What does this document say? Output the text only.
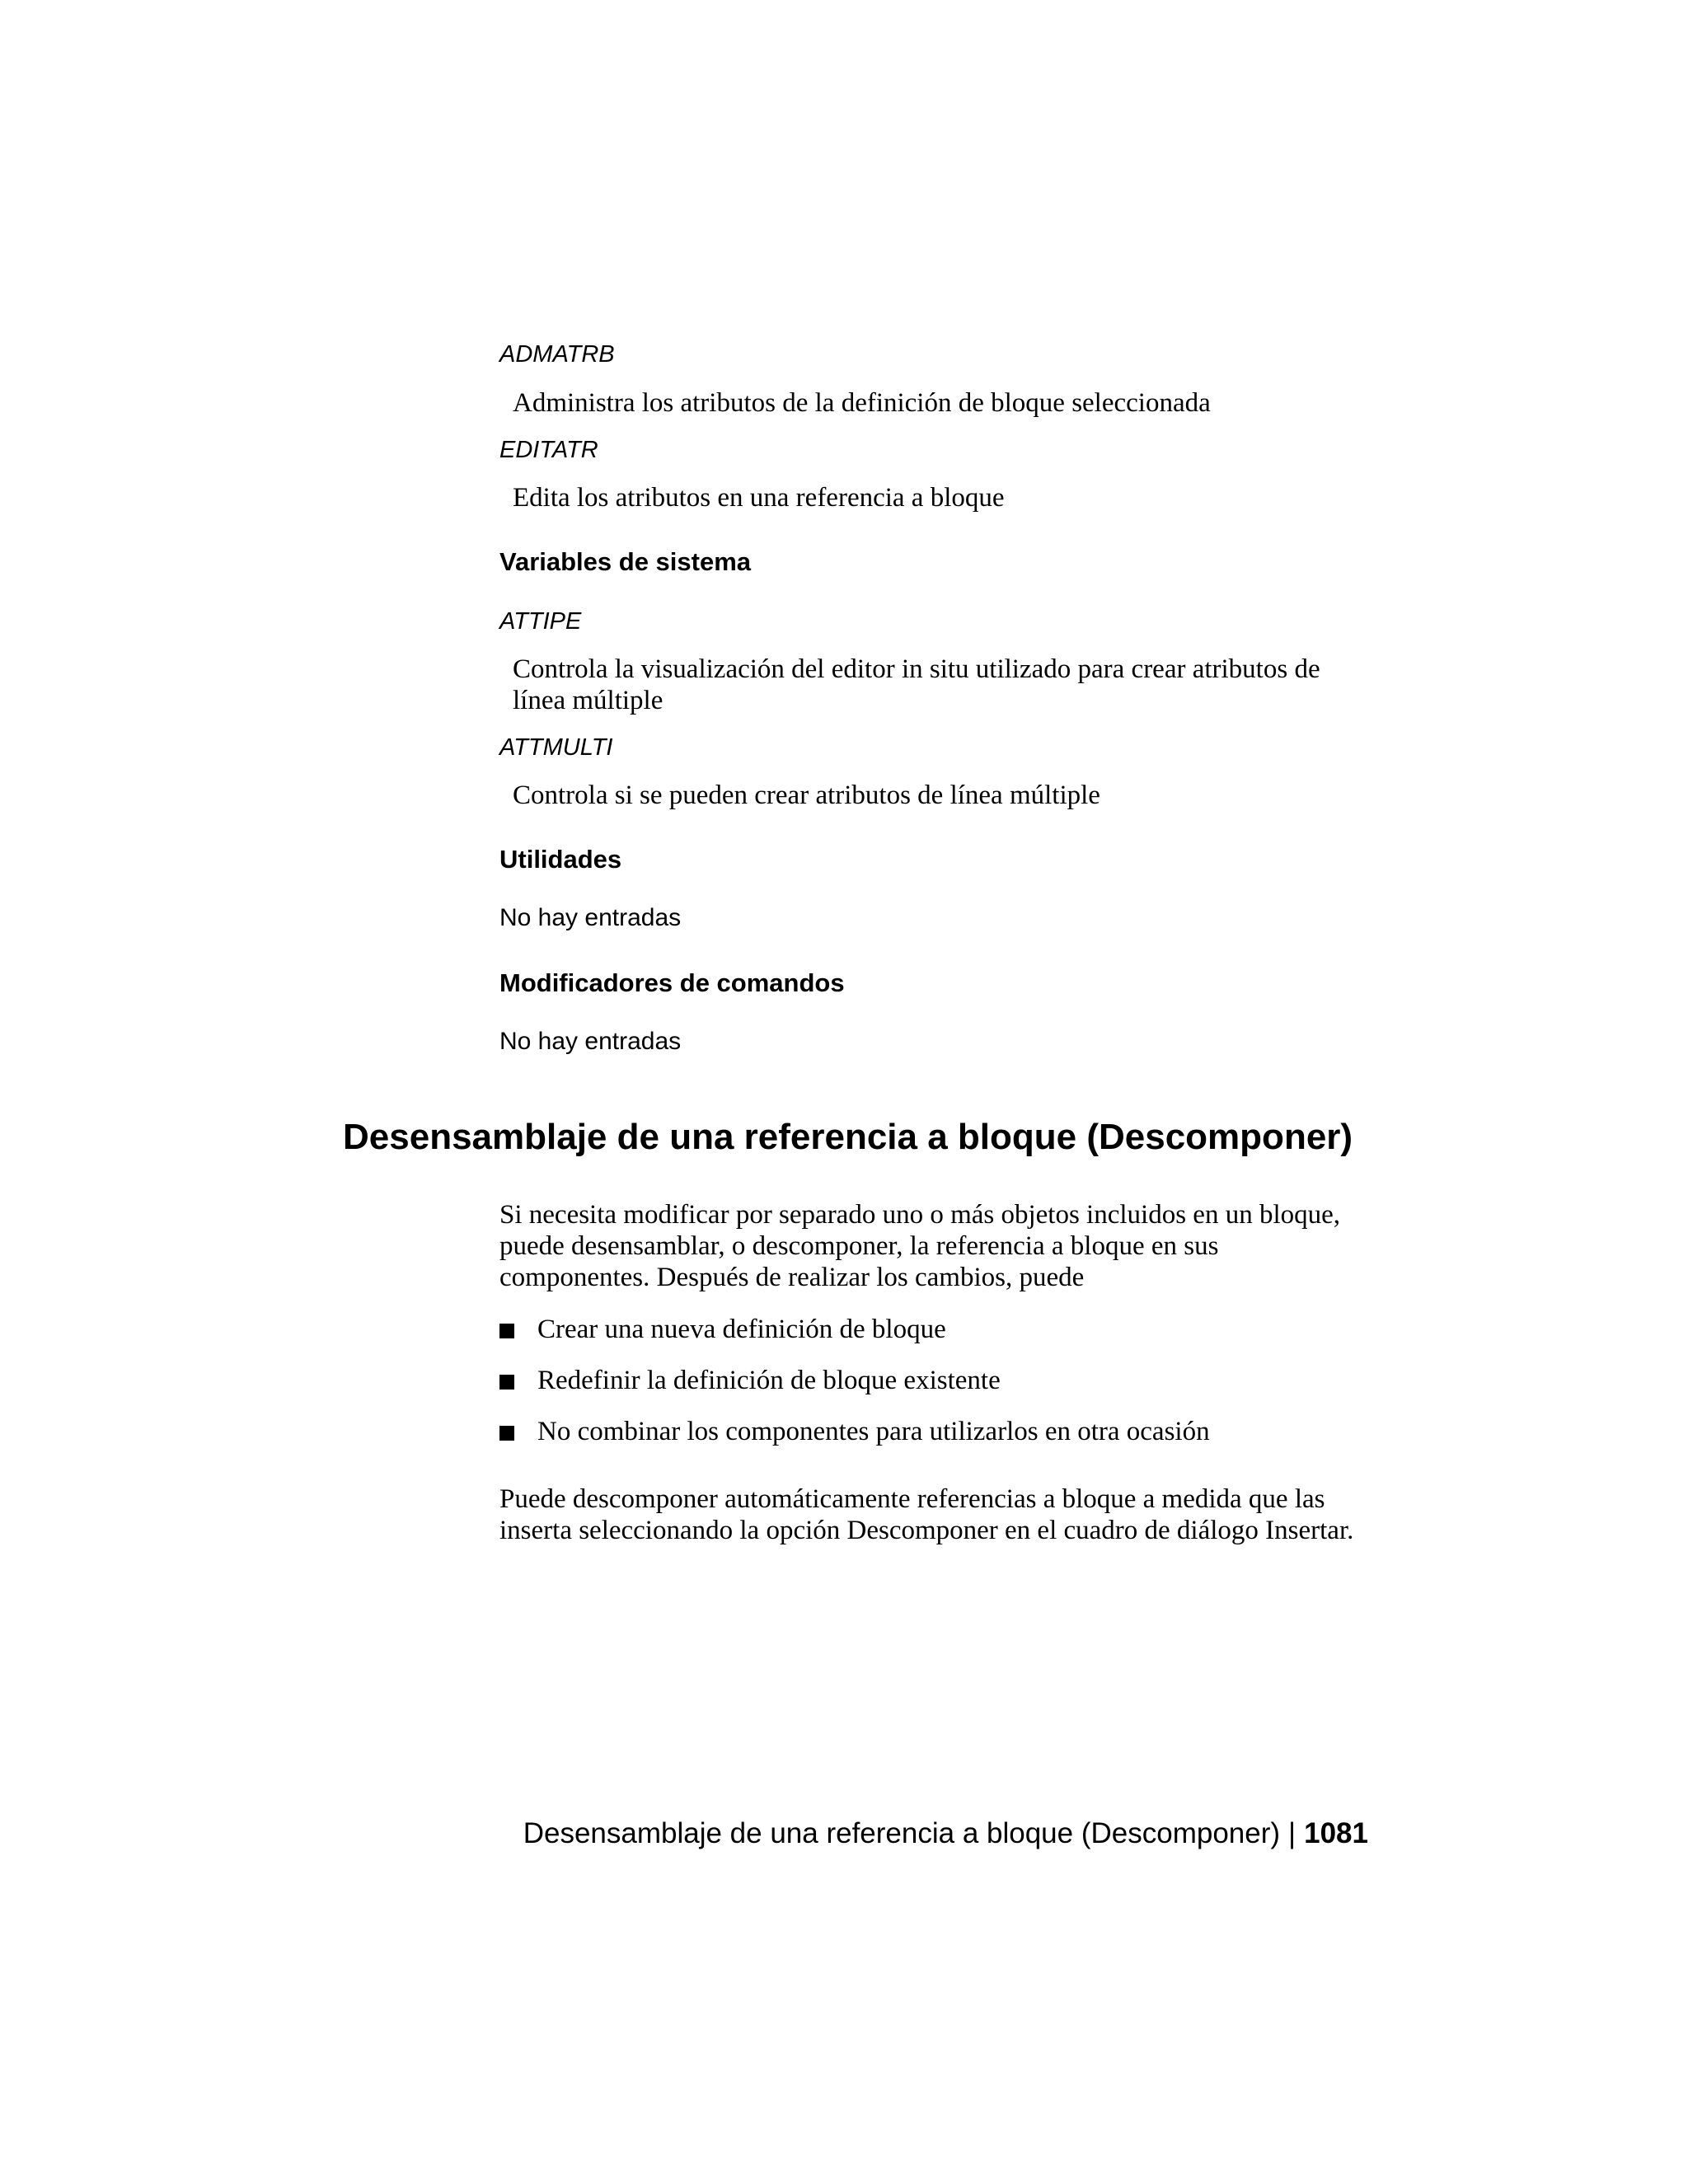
ADMATRB

Administra los atributos de la definición de bloque seleccionada

EDITATR

Edita los atributos en una referencia a bloque

Variables de sistema

ATTIPE

Controla la visualización del editor in situ utilizado para crear atributos de

línea múltiple

ATTMULTI

Controla si se pueden crear atributos de línea múltiple

Utilidades

No hay entradas

Modificadores de comandos

No hay entradas

Desensamblaje de una referencia a bloque (Descomponer)

Si necesita modificar por separado uno o más objetos incluidos en un bloque,

puede desensamblar, o descomponer, la referencia a bloque en sus

componentes. Después de realizar los cambios, puede

Crear una nueva definición de bloque

Redefinir la definición de bloque existente

No combinar los componentes para utilizarlos en otra ocasión

Puede descomponer automáticamente referencias a bloque a medida que las

inserta seleccionando la opción Descomponer en el cuadro de diálogo Insertar.

Desensamblaje de una referencia a bloque (Descomponer) | 1081
